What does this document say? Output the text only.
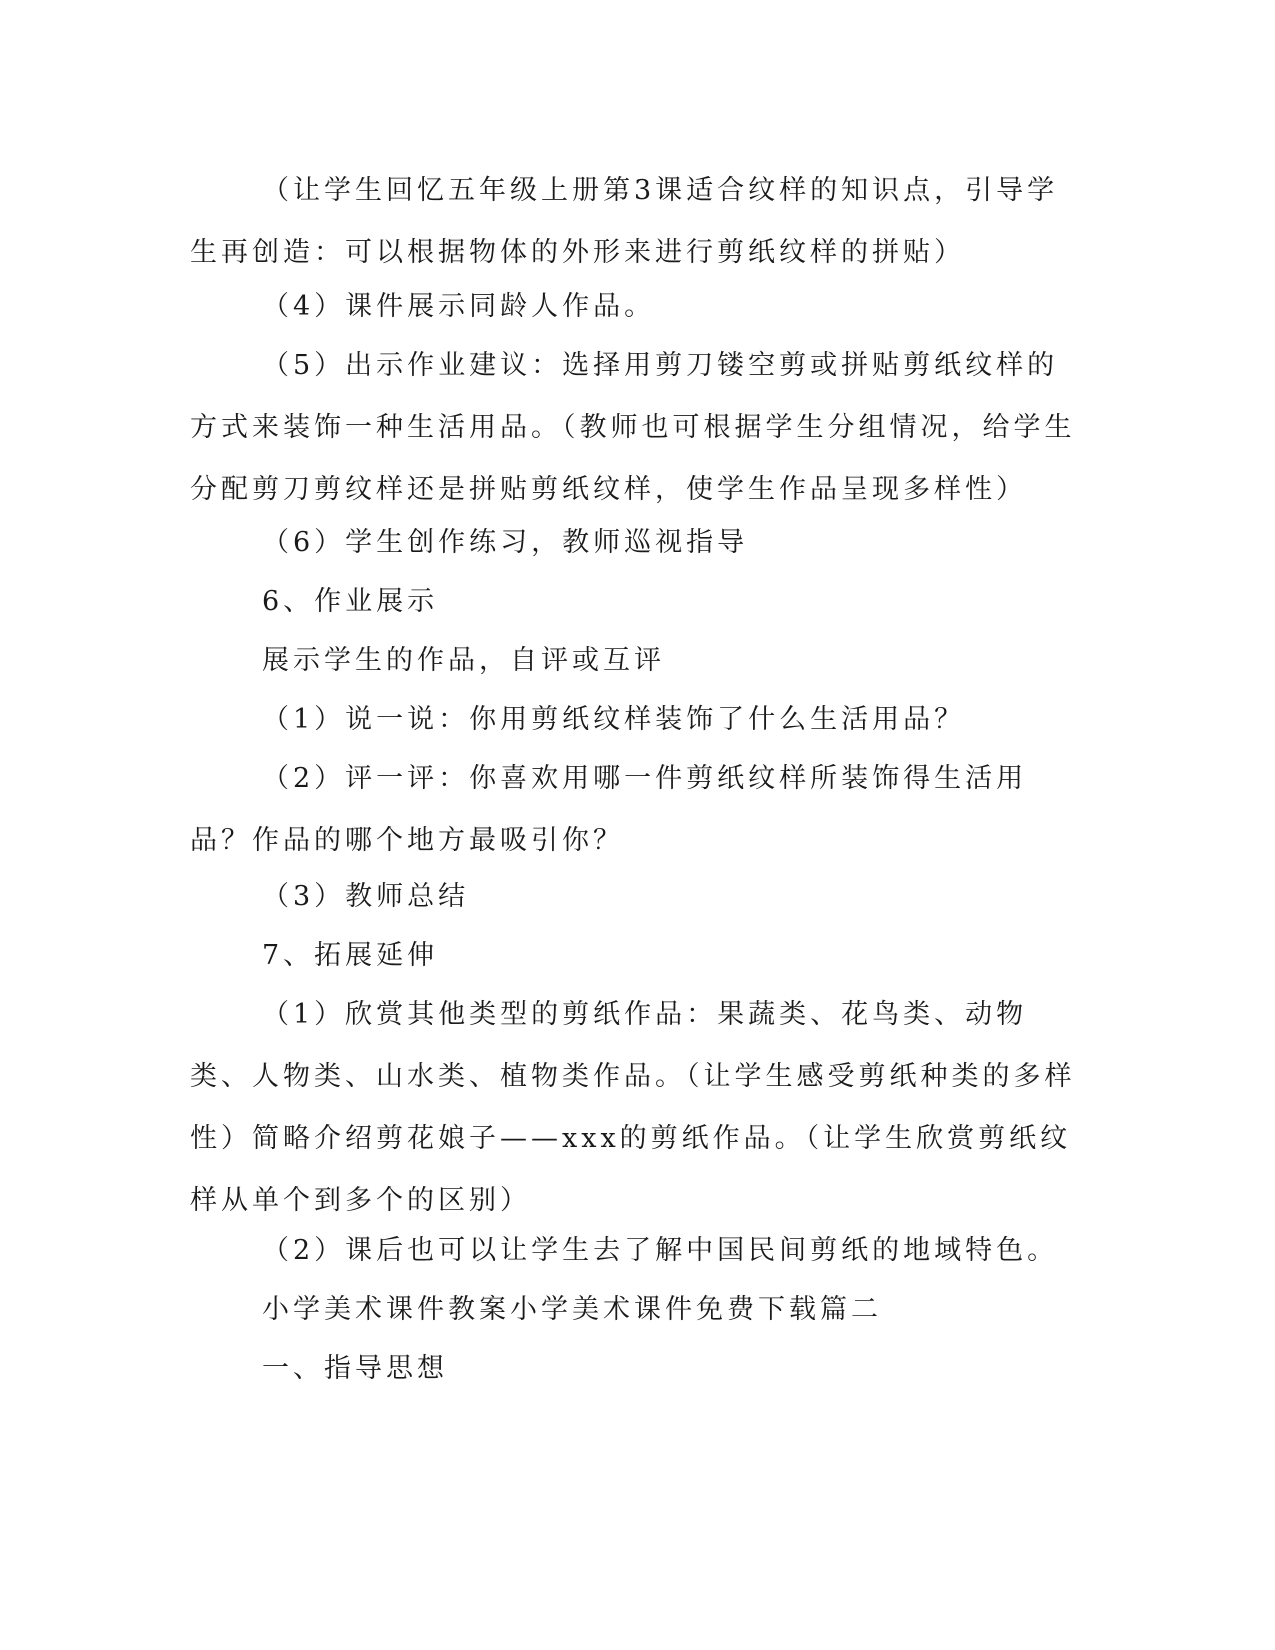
（让学生回忆五年级上册第3课适合纹样的知识点，引导学生再创造：可以根据物体的外形来进行剪纸纹样的拼贴）

（4）课件展示同龄人作品。

（5）出示作业建议：选择用剪刀镂空剪或拼贴剪纸纹样的方式来装饰一种生活用品。（教师也可根据学生分组情况，给学生分配剪刀剪纹样还是拼贴剪纸纹样，使学生作品呈现多样性）

（6）学生创作练习，教师巡视指导

6、作业展示

展示学生的作品，自评或互评

（1）说一说：你用剪纸纹样装饰了什么生活用品？

（2）评一评：你喜欢用哪一件剪纸纹样所装饰得生活用品？作品的哪个地方最吸引你？

（3）教师总结

7、拓展延伸

（1）欣赏其他类型的剪纸作品：果蔬类、花鸟类、动物类、人物类、山水类、植物类作品。（让学生感受剪纸种类的多样性）简略介绍剪花娘子——xxx的剪纸作品。（让学生欣赏剪纸纹样从单个到多个的区别）

（2）课后也可以让学生去了解中国民间剪纸的地域特色。

小学美术课件教案小学美术课件免费下载篇二

一、指导思想
